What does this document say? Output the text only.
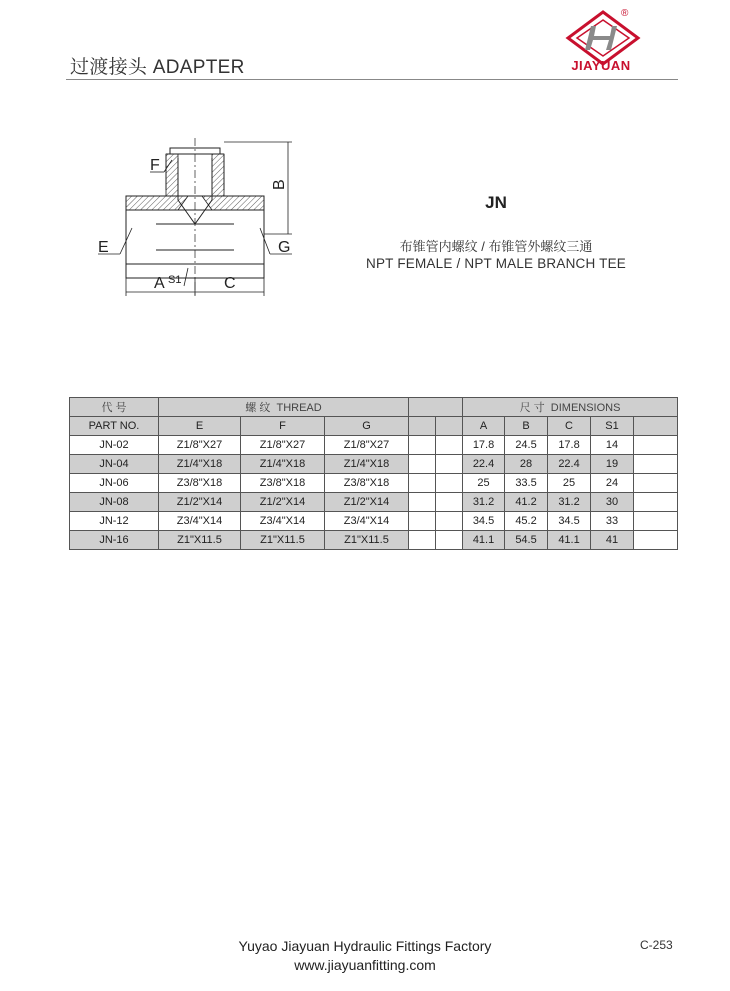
过渡接头 ADAPTER
®
JIAYUAN
F
B
E	G
A S1	C
JN
布锥管内螺纹 / 布锥管外螺纹三通
NPT FEMALE / NPT MALE BRANCH TEE
代 号	螺 纹 THREAD					尺 寸 DIMENSIONS				
PART NO.	E	F	G			A	B	C	S1	
JN-02	Z1/8"X27	Z1/8"X27	Z1/8"X27			17.8	24.5	17.8	14	
JN-04	Z1/4"X18	Z1/4"X18	Z1/4"X18			22.4	28	22.4	19	
JN-06	Z3/8"X18	Z3/8"X18	Z3/8"X18			25	33.5	25	24	
JN-08	Z1/2"X14	Z1/2"X14	Z1/2"X14			31.2	41.2	31.2	30	
JN-12	Z3/4"X14	Z3/4"X14	Z3/4"X14			34.5	45.2	34.5	33	
JN-16	Z1"X11.5	Z1"X11.5	Z1"X11.5			41.1	54.5	41.1	41	
Yuyao Jiayuan Hydraulic Fittings Factory
www.jiayuanfitting.com
C-253
